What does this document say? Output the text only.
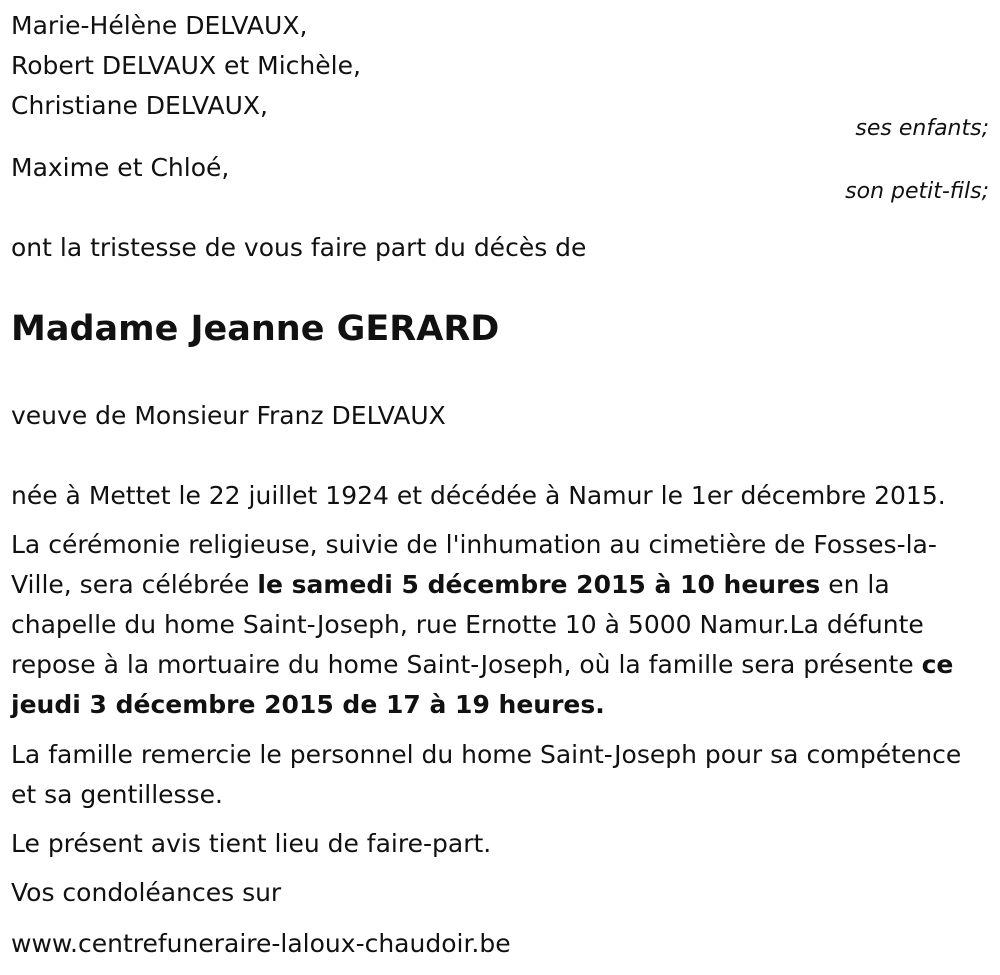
Marie-Hélène DELVAUX,
Robert DELVAUX et Michèle,
Christiane DELVAUX,
ses enfants;
Maxime et Chloé,
son petit-fils;
ont la tristesse de vous faire part du décès de
Madame Jeanne GERARD
veuve de Monsieur Franz DELVAUX
née à Mettet le 22 juillet 1924 et décédée à Namur le 1er décembre 2015.
La cérémonie religieuse, suivie de l'inhumation au cimetière de Fosses-la-Ville, sera célébrée le samedi 5 décembre 2015 à 10 heures en la chapelle du home Saint-Joseph, rue Ernotte 10 à 5000 Namur.La défunte repose à la mortuaire du home Saint-Joseph, où la famille sera présente ce jeudi 3 décembre 2015 de 17 à 19 heures.
La famille remercie le personnel du home Saint-Joseph pour sa compétence et sa gentillesse.
Le présent avis tient lieu de faire-part.
Vos condoléances sur
www.centrefuneraire-laloux-chaudoir.be
